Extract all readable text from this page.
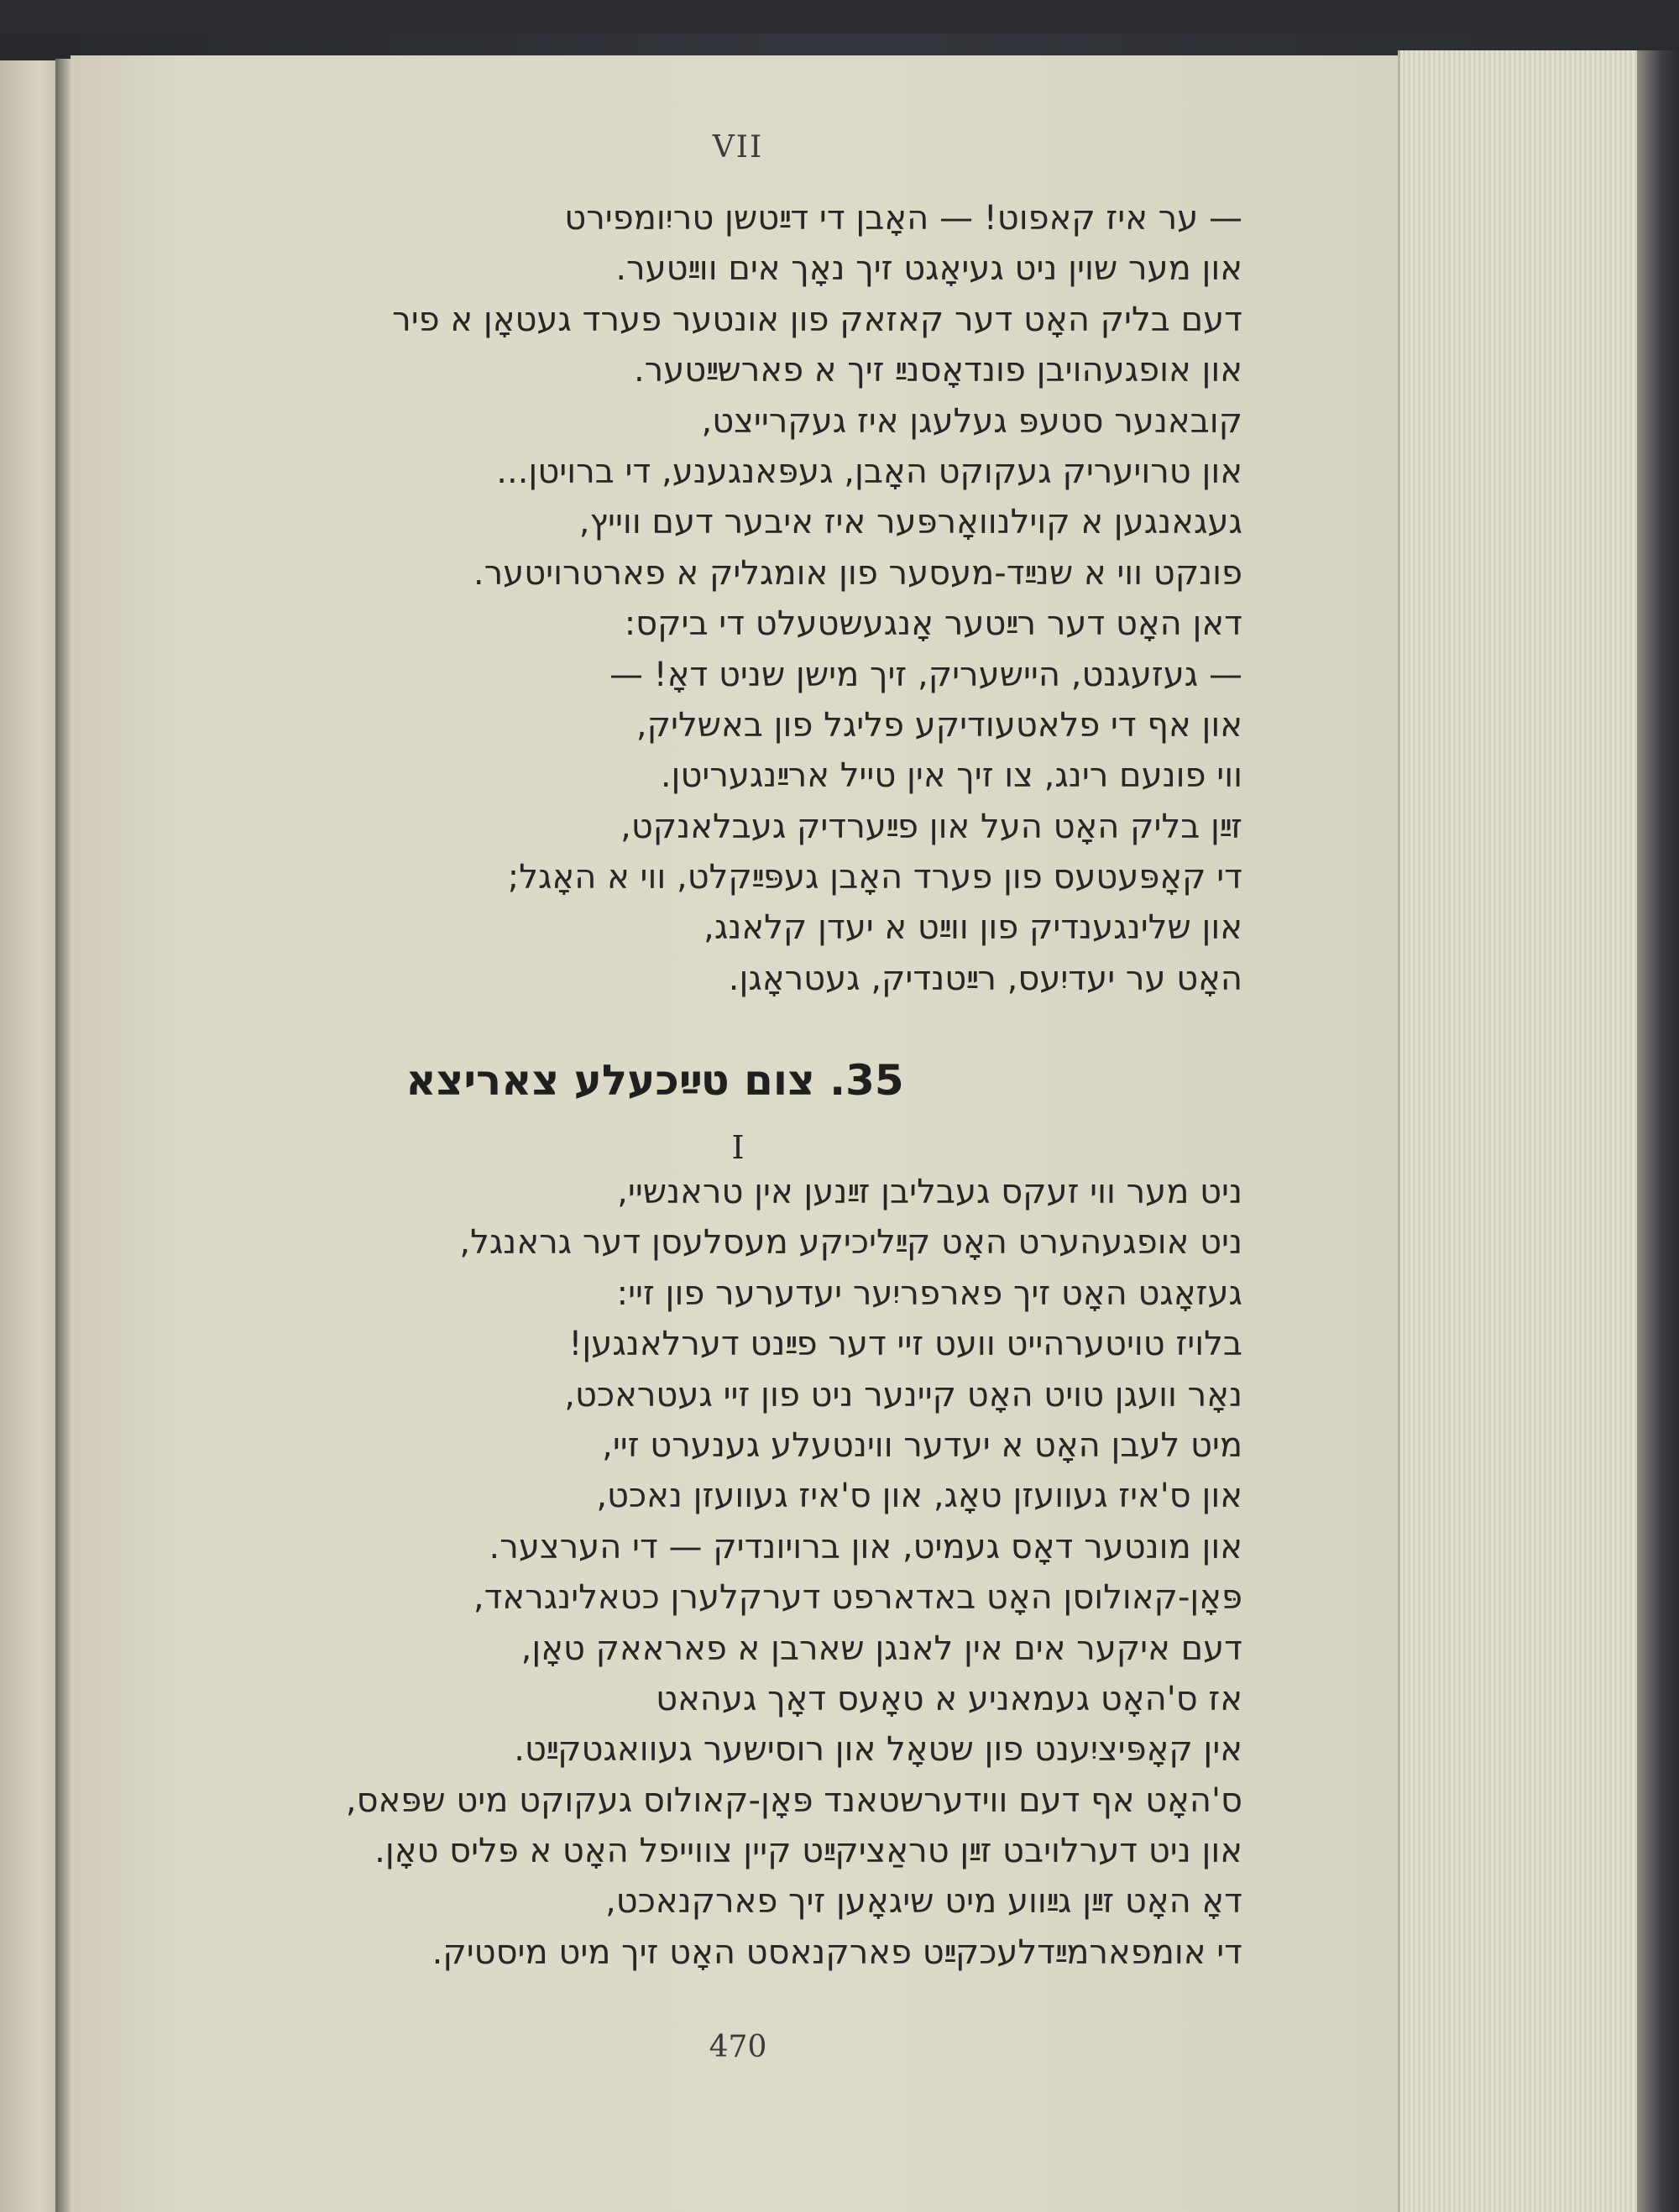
VII
— ער איז קאפוט! — האָבן די דײַטשן טריִומפירט
און מער שוין ניט געיאָגט זיך נאָך אים ווײַטער.
דעם בליק האָט דער קאזאק פון אונטער פערד געטאָן א פיר
און אופגעהויבן פונדאָסנײַ זיך א פארשײַטער.
קובאנער סטעפּ געלעגן איז געקרייצט,
און טרויעריק געקוקט האָבן, געפּאנגענע, די ברויטן...
געגאנגען א קוילנוואָרפּער איז איבער דעם ווייץ,
פונקט ווי א שנײַד-מעסער פון אומגליק א פארטרויטער.
דאן האָט דער רײַטער אָנגעשטעלט די ביקס:
— געזעגנט, היישעריק, זיך מישן שניט דאָ! —
און אף די פלאטעודיקע פליגל פון באשליק,
ווי פונעם רינג, צו זיך אין טייל ארײַנגעריטן.
זײַן בליק האָט העל און פײַערדיק געבלאנקט,
די קאָפּעטעס פון פערד האָבן געפּײַקלט, ווי א האָגל;
און שלינגענדיק פון ווײַט א יעדן קלאנג,
האָט ער יעדיִעס, רײַטנדיק, געטראָגן.
35. צום טײַכעלע צאריצא
I
ניט מער ווי זעקס געבליבן זײַנען אין טראנשיי,
ניט אופגעהערט האָט קײַליכיקע מעסלעסן דער גראנגל,
געזאָגט האָט זיך פארפריִער יעדערער פון זיי:
בלויז טויטערהייט וועט זיי דער פײַנט דערלאנגען!
נאָר וועגן טויט האָט קיינער ניט פון זיי געטראכט,
מיט לעבן האָט א יעדער ווינטעלע גענערט זיי,
און ס'איז געוועזן טאָג, און ס'איז געוועזן נאכט,
און מונטער דאָס געמיט, און ברויונדיק — די הערצער.
פּאָן-קאולוסן האָט באדארפט דערקלערן כטאלינגראד,
דעם איקער אים אין לאנגן שארבן א פאראאק טאָן,
אז ס'האָט געמאניע א טאָעס דאָך געהאט
אין קאָפּיציִענט פון שטאָל און רוסישער געוואגטקײַט.
ס'האָט אף דעם ווידערשטאנד פּאָן-קאולוס געקוקט מיט שפּאס,
און ניט דערלויבט זײַן טראַציקײַט קיין צווייפל האָט א פּליס טאָן.
דאָ האָט זײַן גײַווע מיט שיגאָען זיך פארקנאכט,
די אומפארמײַדלעכקײַט פארקנאסט האָט זיך מיט מיסטיק.
470
